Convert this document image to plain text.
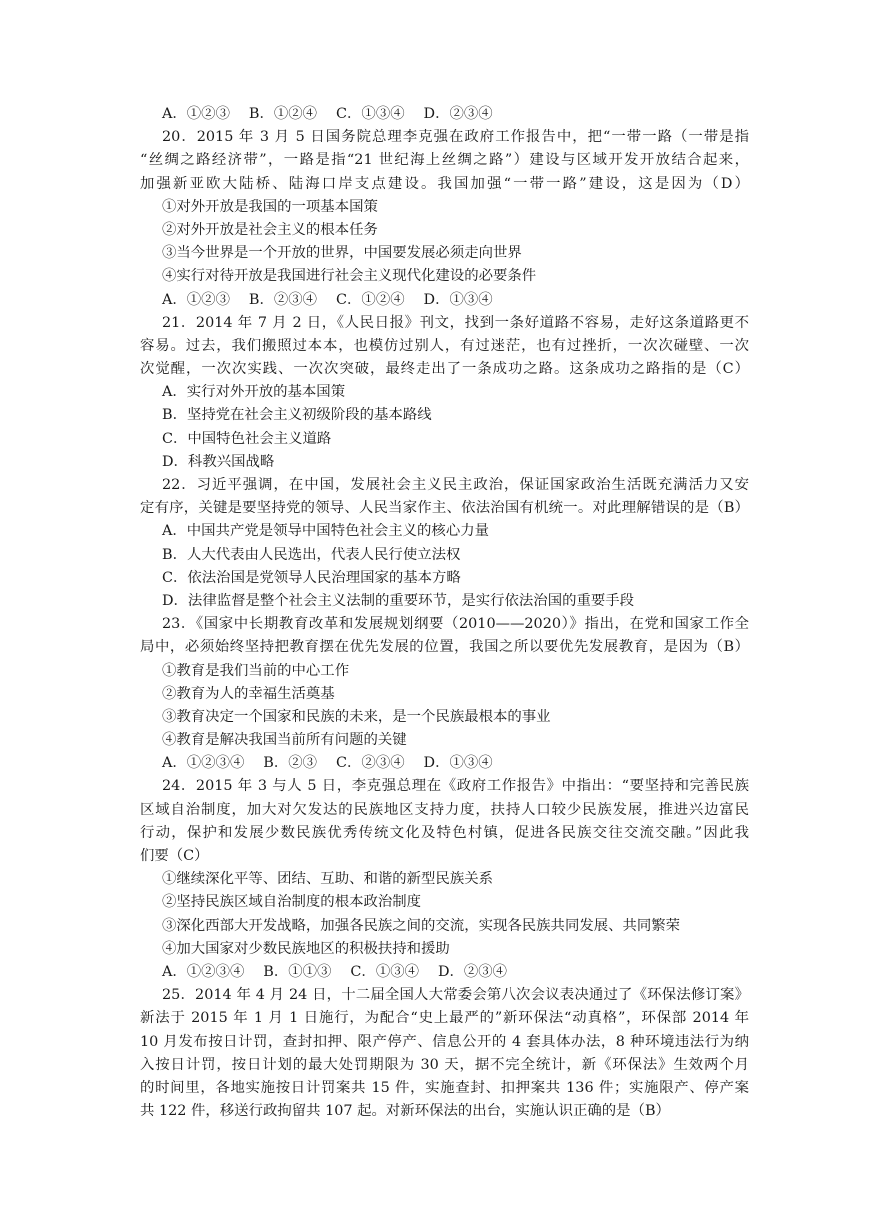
A．①②③　 B．①②④　 C．①③④　 D．②③④
20．2015 年 3 月 5 日国务院总理李克强在政府工作报告中，把“一带一路（一带是指
“丝绸之路经济带”，一路是指“21 世纪海上丝绸之路”）建设与区域开发开放结合起来，
加强新亚欧大陆桥、陆海口岸支点建设。我国加强“一带一路”建设，这是因为（D）
①对外开放是我国的一项基本国策
②对外开放是社会主义的根本任务
③当今世界是一个开放的世界，中国要发展必须走向世界
④实行对待开放是我国进行社会主义现代化建设的必要条件
A．①②③　 B．②③④　 C．①②④　 D．①③④
21．2014 年 7 月 2 日，《人民日报》刊文，找到一条好道路不容易，走好这条道路更不
容易。过去，我们搬照过本本，也模仿过别人，有过迷茫，也有过挫折，一次次碰壁、一次
次觉醒，一次次实践、一次次突破，最终走出了一条成功之路。这条成功之路指的是（C）
A．实行对外开放的基本国策
B．坚持党在社会主义初级阶段的基本路线
C．中国特色社会主义道路
D．科教兴国战略
22．习近平强调，在中国，发展社会主义民主政治，保证国家政治生活既充满活力又安
定有序，关键是要坚持党的领导、人民当家作主、依法治国有机统一。对此理解错误的是（B）
A．中国共产党是领导中国特色社会主义的核心力量
B．人大代表由人民选出，代表人民行使立法权
C．依法治国是党领导人民治理国家的基本方略
D．法律监督是整个社会主义法制的重要环节，是实行依法治国的重要手段
23．《国家中长期教育改革和发展规划纲要（2010——2020）》指出，在党和国家工作全
局中，必须始终坚持把教育摆在优先发展的位置，我国之所以要优先发展教育，是因为（B）
①教育是我们当前的中心工作
②教育为人的幸福生活奠基
③教育决定一个国家和民族的未来，是一个民族最根本的事业
④教育是解决我国当前所有问题的关键
A．①②③④　 B．②③　 C．②③④　 D．①③④
24．2015 年 3 与人 5 日，李克强总理在《政府工作报告》中指出：“要坚持和完善民族
区域自治制度，加大对欠发达的民族地区支持力度，扶持人口较少民族发展，推进兴边富民
行动，保护和发展少数民族优秀传统文化及特色村镇，促进各民族交往交流交融。”因此我
们要（C）
①继续深化平等、团结、互助、和谐的新型民族关系
②坚持民族区域自治制度的根本政治制度
③深化西部大开发战略，加强各民族之间的交流，实现各民族共同发展、共同繁荣
④加大国家对少数民族地区的积极扶持和援助
A．①②③④　 B．①①③　 C．①③④　 D．②③④
25．2014 年 4 月 24 日，十二届全国人大常委会第八次会议表决通过了《环保法修订案》
新法于 2015 年 1 月 1 日施行，为配合“史上最严的”新环保法“动真格”，环保部 2014 年
10 月发布按日计罚，查封扣押、限产停产、信息公开的 4 套具体办法，8 种环境违法行为纳
入按日计罚，按日计划的最大处罚期限为 30 天，据不完全统计，新《环保法》生效两个月
的时间里，各地实施按日计罚案共 15 件，实施查封、扣押案共 136 件；实施限产、停产案
共 122 件，移送行政拘留共 107 起。对新环保法的出台，实施认识正确的是（B）
